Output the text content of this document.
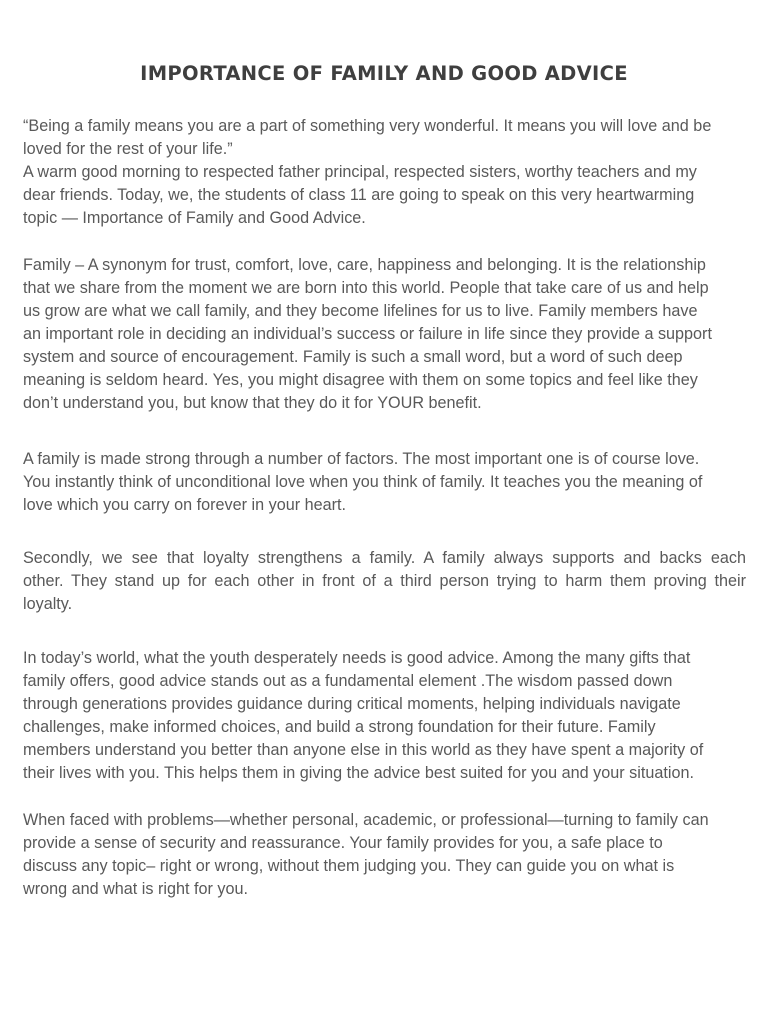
IMPORTANCE OF FAMILY AND GOOD ADVICE

“Being a family means you are a part of something very wonderful. It means you will love and be
loved for the rest of your life.”
A warm good morning to respected father principal, respected sisters, worthy teachers and my
dear friends. Today, we, the students of class 11 are going to speak on this very heartwarming
topic — Importance of Family and Good Advice.

Family – A synonym for trust, comfort, love, care, happiness and belonging. It is the relationship
that we share from the moment we are born into this world. People that take care of us and help
us grow are what we call family, and they become lifelines for us to live. Family members have
an important role in deciding an individual’s success or failure in life since they provide a support
system and source of encouragement. Family is such a small word, but a word of such deep
meaning is seldom heard. Yes, you might disagree with them on some topics and feel like they
don’t understand you, but know that they do it for YOUR benefit.

A family is made strong through a number of factors. The most important one is of course love.
You instantly think of unconditional love when you think of family. It teaches you the meaning of
love which you carry on forever in your heart.

Secondly, we see that loyalty strengthens a family. A family always supports and backs each
other. They stand up for each other in front of a third person trying to harm them proving their
loyalty.

In today’s world, what the youth desperately needs is good advice. Among the many gifts that
family offers, good advice stands out as a fundamental element .The wisdom passed down
through generations provides guidance during critical moments, helping individuals navigate
challenges, make informed choices, and build a strong foundation for their future. Family
members understand you better than anyone else in this world as they have spent a majority of
their lives with you. This helps them in giving the advice best suited for you and your situation.

When faced with problems—whether personal, academic, or professional—turning to family can
provide a sense of security and reassurance. Your family provides for you, a safe place to
discuss any topic– right or wrong, without them judging you. They can guide you on what is
wrong and what is right for you.
